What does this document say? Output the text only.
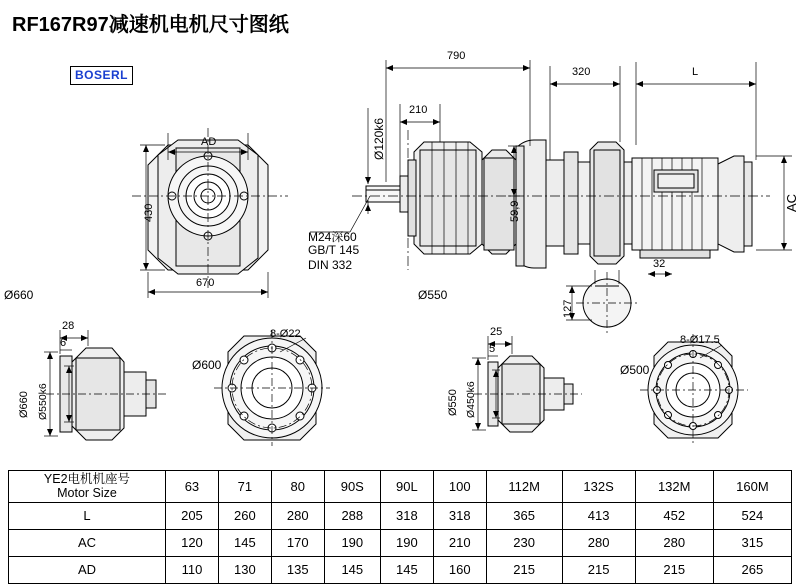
RF167R97减速机电机尺寸图纸
BOSERL
AD
430
670
790
320	L
210
Ø120k6
59,9	AC
M24深60
GB/T 145
DIN 332
Ø660	Ø550
32
127
28
6
Ø660 Ø550k6
Ø600
8-Ø22	25
5
Ø550 Ø450k6
Ø500
8-Ø17.5
YE2电机机座号
Motor Size	63	71	80	90S	90L	100	112M	132S	132M	160M
L	205	260	280	288	318	318	365	413	452	524
AC	120	145	170	190	190	210	230	280	280	315
AD	110	130	135	145	145	160	215	215	215	265
